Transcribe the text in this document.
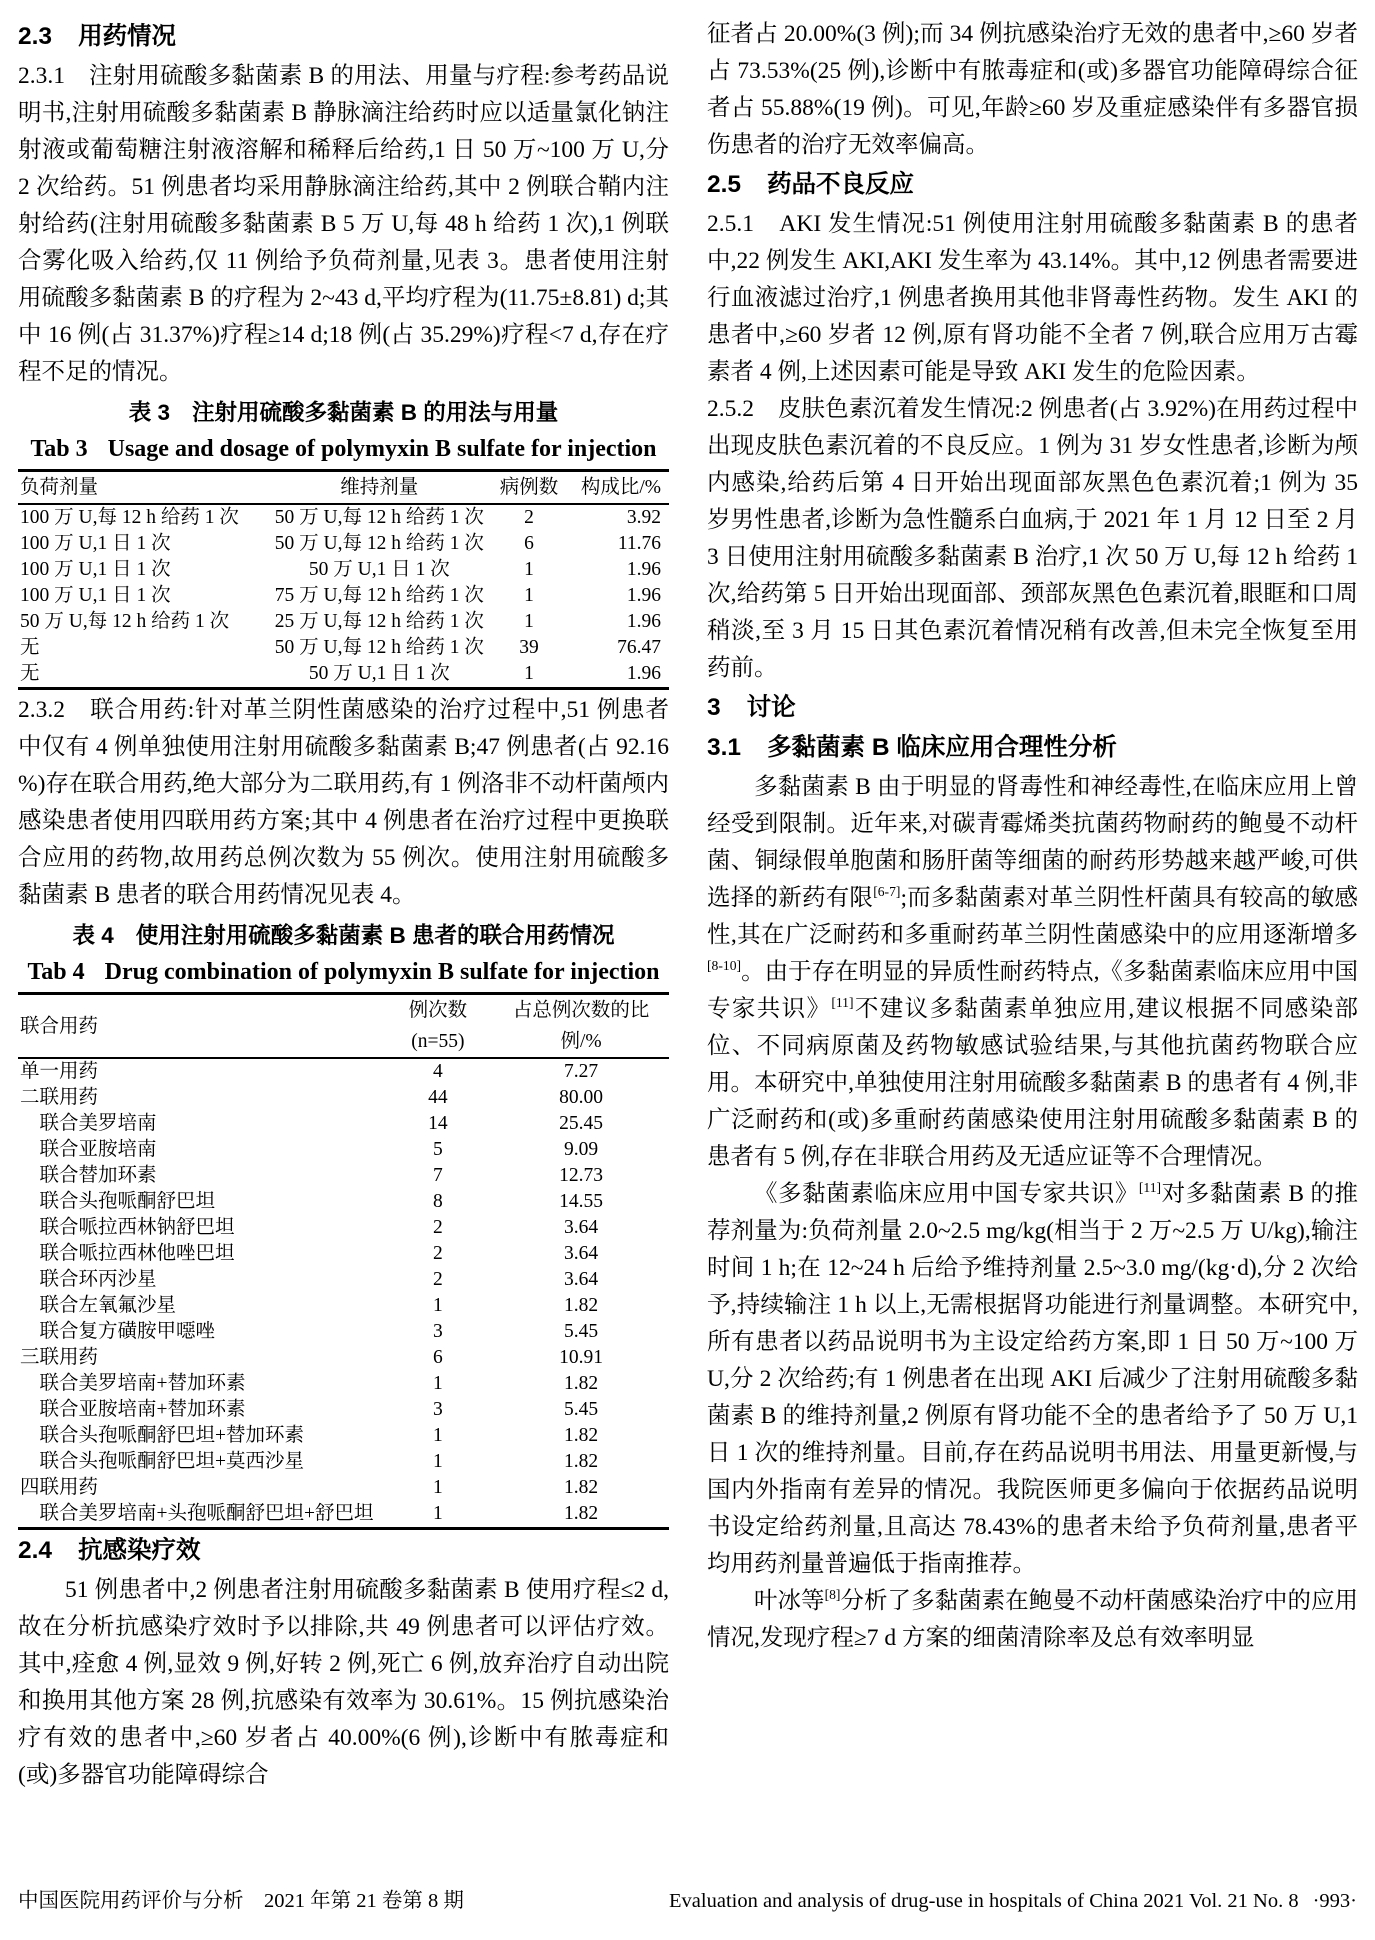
2.3 用药情况

2.3.1　注射用硫酸多黏菌素 B 的用法、用量与疗程:参考药品说明书,注射用硫酸多黏菌素 B 静脉滴注给药时应以适量氯化钠注射液或葡萄糖注射液溶解和稀释后给药,1 日 50 万~100 万 U,分 2 次给药。51 例患者均采用静脉滴注给药,其中 2 例联合鞘内注射给药(注射用硫酸多黏菌素 B 5 万 U,每 48 h 给药 1 次),1 例联合雾化吸入给药,仅 11 例给予负荷剂量,见表 3。患者使用注射用硫酸多黏菌素 B 的疗程为 2~43 d,平均疗程为(11.75±8.81) d;其中 16 例(占 31.37%)疗程≥14 d;18 例(占 35.29%)疗程<7 d,存在疗程不足的情况。

表 3 注射用硫酸多黏菌素 B 的用法与用量
Tab 3 Usage and dosage of polymyxin B sulfate for injection
负荷剂量	维持剂量	病例数	构成比/%
100 万 U,每 12 h 给药 1 次	50 万 U,每 12 h 给药 1 次	2	3.92
100 万 U,1 日 1 次	50 万 U,每 12 h 给药 1 次	6	11.76
100 万 U,1 日 1 次	50 万 U,1 日 1 次	1	1.96
100 万 U,1 日 1 次	75 万 U,每 12 h 给药 1 次	1	1.96
50 万 U,每 12 h 给药 1 次	25 万 U,每 12 h 给药 1 次	1	1.96
无	50 万 U,每 12 h 给药 1 次	39	76.47
无	50 万 U,1 日 1 次	1	1.96

2.3.2　联合用药:针对革兰阴性菌感染的治疗过程中,51 例患者中仅有 4 例单独使用注射用硫酸多黏菌素 B;47 例患者(占 92.16 %)存在联合用药,绝大部分为二联用药,有 1 例洛非不动杆菌颅内感染患者使用四联用药方案;其中 4 例患者在治疗过程中更换联合应用的药物,故用药总例次数为 55 例次。使用注射用硫酸多黏菌素 B 患者的联合用药情况见表 4。

表 4 使用注射用硫酸多黏菌素 B 患者的联合用药情况
Tab 4 Drug combination of polymyxin B sulfate for injection
联合用药	例次数(n=55)	占总例次数的比例/%
单一用药	4	7.27
二联用药	44	80.00
　联合美罗培南	14	25.45
　联合亚胺培南	5	9.09
　联合替加环素	7	12.73
　联合头孢哌酮舒巴坦	8	14.55
　联合哌拉西林钠舒巴坦	2	3.64
　联合哌拉西林他唑巴坦	2	3.64
　联合环丙沙星	2	3.64
　联合左氧氟沙星	1	1.82
　联合复方磺胺甲噁唑	3	5.45
三联用药	6	10.91
　联合美罗培南+替加环素	1	1.82
　联合亚胺培南+替加环素	3	5.45
　联合头孢哌酮舒巴坦+替加环素	1	1.82
　联合头孢哌酮舒巴坦+莫西沙星	1	1.82
四联用药	1	1.82
　联合美罗培南+头孢哌酮舒巴坦+舒巴坦	1	1.82
2.4 抗感染疗效

51 例患者中,2 例患者注射用硫酸多黏菌素 B 使用疗程≤2 d,故在分析抗感染疗效时予以排除,共 49 例患者可以评估疗效。其中,痊愈 4 例,显效 9 例,好转 2 例,死亡 6 例,放弃治疗自动出院和换用其他方案 28 例,抗感染有效率为 30.61%。15 例抗感染治疗有效的患者中,≥60 岁者占 40.00%(6 例),诊断中有脓毒症和(或)多器官功能障碍综合

征者占 20.00%(3 例);而 34 例抗感染治疗无效的患者中,≥60 岁者占 73.53%(25 例),诊断中有脓毒症和(或)多器官功能障碍综合征者占 55.88%(19 例)。可见,年龄≥60 岁及重症感染伴有多器官损伤患者的治疗无效率偏高。

2.5 药品不良反应

2.5.1　AKI 发生情况:51 例使用注射用硫酸多黏菌素 B 的患者中,22 例发生 AKI,AKI 发生率为 43.14%。其中,12 例患者需要进行血液滤过治疗,1 例患者换用其他非肾毒性药物。发生 AKI 的患者中,≥60 岁者 12 例,原有肾功能不全者 7 例,联合应用万古霉素者 4 例,上述因素可能是导致 AKI 发生的危险因素。

2.5.2　皮肤色素沉着发生情况:2 例患者(占 3.92%)在用药过程中出现皮肤色素沉着的不良反应。1 例为 31 岁女性患者,诊断为颅内感染,给药后第 4 日开始出现面部灰黑色色素沉着;1 例为 35 岁男性患者,诊断为急性髓系白血病,于 2021 年 1 月 12 日至 2 月 3 日使用注射用硫酸多黏菌素 B 治疗,1 次 50 万 U,每 12 h 给药 1 次,给药第 5 日开始出现面部、颈部灰黑色色素沉着,眼眶和口周稍淡,至 3 月 15 日其色素沉着情况稍有改善,但未完全恢复至用药前。

3 讨论
3.1 多黏菌素 B 临床应用合理性分析

多黏菌素 B 由于明显的肾毒性和神经毒性,在临床应用上曾经受到限制。近年来,对碳青霉烯类抗菌药物耐药的鲍曼不动杆菌、铜绿假单胞菌和肠肝菌等细菌的耐药形势越来越严峻,可供选择的新药有限[6-7];而多黏菌素对革兰阴性杆菌具有较高的敏感性,其在广泛耐药和多重耐药革兰阴性菌感染中的应用逐渐增多[8-10]。由于存在明显的异质性耐药特点,《多黏菌素临床应用中国专家共识》[11]不建议多黏菌素单独应用,建议根据不同感染部位、不同病原菌及药物敏感试验结果,与其他抗菌药物联合应用。本研究中,单独使用注射用硫酸多黏菌素 B 的患者有 4 例,非广泛耐药和(或)多重耐药菌感染使用注射用硫酸多黏菌素 B 的患者有 5 例,存在非联合用药及无适应证等不合理情况。

《多黏菌素临床应用中国专家共识》[11]对多黏菌素 B 的推荐剂量为:负荷剂量 2.0~2.5 mg/kg(相当于 2 万~2.5 万 U/kg),输注时间 1 h;在 12~24 h 后给予维持剂量 2.5~3.0 mg/(kg·d),分 2 次给予,持续输注 1 h 以上,无需根据肾功能进行剂量调整。本研究中,所有患者以药品说明书为主设定给药方案,即 1 日 50 万~100 万 U,分 2 次给药;有 1 例患者在出现 AKI 后减少了注射用硫酸多黏菌素 B 的维持剂量,2 例原有肾功能不全的患者给予了 50 万 U,1 日 1 次的维持剂量。目前,存在药品说明书用法、用量更新慢,与国内外指南有差异的情况。我院医师更多偏向于依据药品说明书设定给药剂量,且高达 78.43%的患者未给予负荷剂量,患者平均用药剂量普遍低于指南推荐。

叶冰等[8]分析了多黏菌素在鲍曼不动杆菌感染治疗中的应用情况,发现疗程≥7 d 方案的细菌清除率及总有效率明显

中国医院用药评价与分析　2021 年第 21 卷第 8 期	Evaluation and analysis of drug-use in hospitals of China 2021 Vol. 21 No. 8 ·993·
